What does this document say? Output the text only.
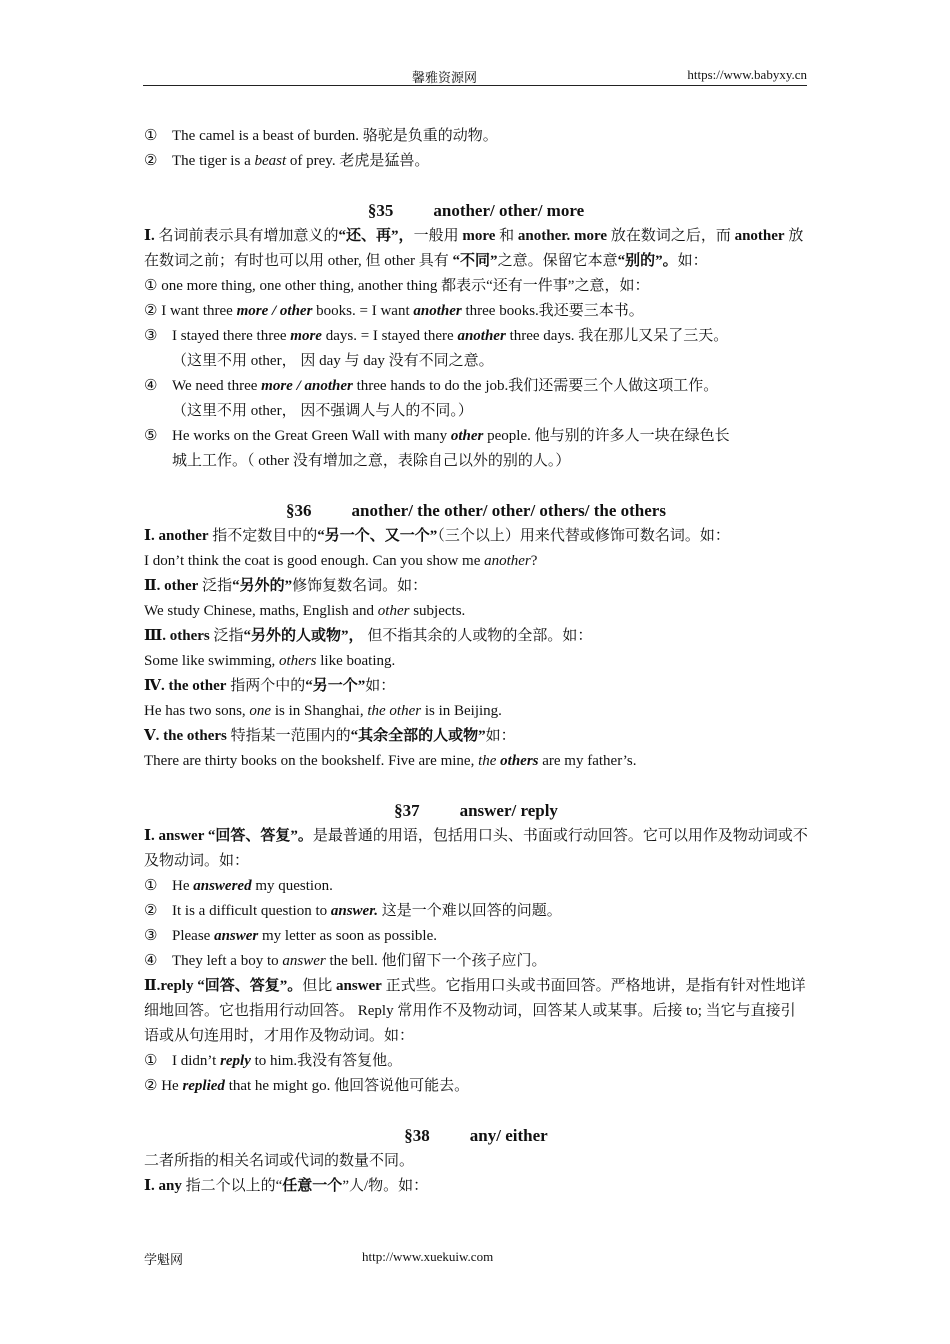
馨雅资源网	https://www.babyxy.cn
① The camel is a beast of burden. 骆驼是负重的动物。
② The tiger is a beast of prey. 老虎是猛兽。
§35 another/ other/ more
Ⅰ. 名词前表示具有增加意义的“还、再”，一般用 more 和 another. more 放在数词之后，而 another 放在数词之前；有时也可以用 other, 但 other 具有 “不同”之意。保留它本意“别的”。如：
① one more thing, one other thing, another thing 都表示“还有一件事”之意，如：
② I want three more / other books. = I want another three books.我还要三本书。
③ I stayed there three more days. = I stayed there another three days. 我在那儿又呆了三天。
（这里不用 other， 因 day 与 day 没有不同之意。
④ We need three more / another three hands to do the job.我们还需要三个人做这项工作。
（这里不用 other， 因不强调人与人的不同。）
⑤ He works on the Great Green Wall with many other people. 他与别的许多人一块在绿色长
城上工作。（ other 没有增加之意，表除自己以外的别的人。）
§36 another/ the other/ other/ others/ the others
Ⅰ. another 指不定数目中的“另一个、又一个”（三个以上）用来代替或修饰可数名词。如：
I don’t think the coat is good enough. Can you show me another?
Ⅱ. other 泛指“另外的”修饰复数名词。如：
We study Chinese, maths, English and other subjects.
Ⅲ. others 泛指“另外的人或物”， 但不指其余的人或物的全部。如：
Some like swimming, others like boating.
Ⅳ. the other 指两个中的“另一个”如：
He has two sons, one is in Shanghai, the other is in Beijing.
Ⅴ. the others 特指某一范围内的“其余全部的人或物”如：
There are thirty books on the bookshelf. Five are mine, the others are my father’s.
§37 answer/ reply
Ⅰ. answer “回答、答复”。是最普通的用语，包括用口头、书面或行动回答。它可以用作及物动词或不及物动词。如：
① He answered my question.
② It is a difficult question to answer. 这是一个难以回答的问题。
③ Please answer my letter as soon as possible.
④ They left a boy to answer the bell. 他们留下一个孩子应门。
Ⅱ.reply “回答、答复”。但比 answer 正式些。它指用口头或书面回答。严格地讲，是指有针对性地详细地回答。它也指用行动回答。 Reply 常用作不及物动词，回答某人或某事。后接 to; 当它与直接引语或从句连用时，才用作及物动词。如：
① I didn’t reply to him.我没有答复他。
② He replied that he might go. 他回答说他可能去。
§38 any/ either
二者所指的相关名词或代词的数量不同。
Ⅰ. any 指二个以上的“任意一个”人/物。如：
学魁网	http://www.xuekuiw.com
